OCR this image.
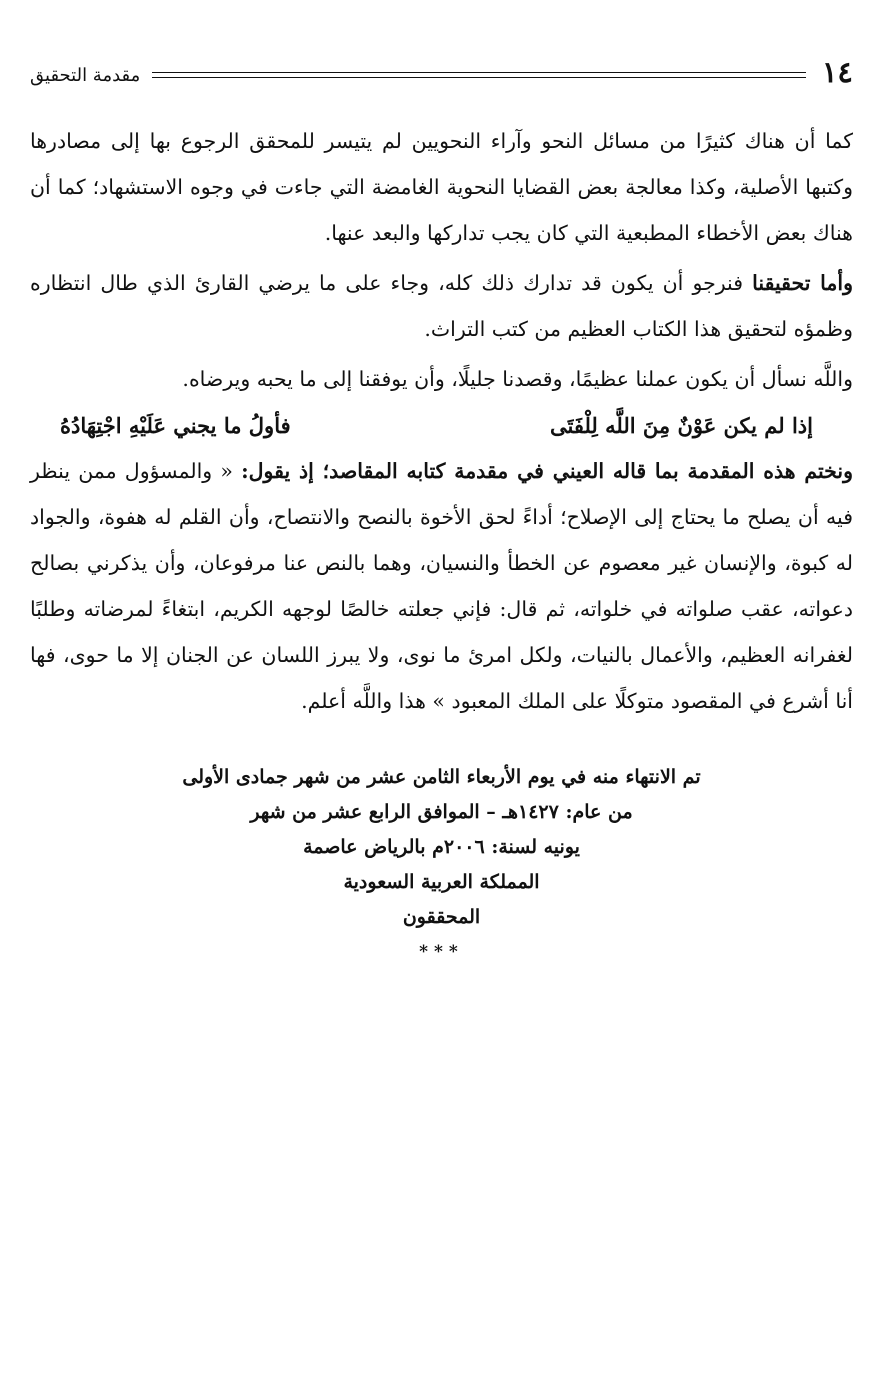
١٤
مقدمة التحقيق

كما أن هناك كثيرًا من مسائل النحو وآراء النحويين لم يتيسر للمحقق الرجوع بها إلى مصادرها وكتبها الأصلية، وكذا معالجة بعض القضايا النحوية الغامضة التي جاءت في وجوه الاستشهاد؛ كما أن هناك بعض الأخطاء المطبعية التي كان يجب تداركها والبعد عنها.

وأما تحقيقنا فنرجو أن يكون قد تدارك ذلك كله، وجاء على ما يرضي القارئ الذي طال انتظاره وظمؤه لتحقيق هذا الكتاب العظيم من كتب التراث.

واللَّه نسأل أن يكون عملنا عظيمًا، وقصدنا جليلًا، وأن يوفقنا إلى ما يحبه ويرضاه.

إذا لم يكن عَوْنٌ مِنَ اللَّه لِلْفَتَى
فأولُ ما يجني عَلَيْهِ اجْتِهَادُهُ

ونختم هذه المقدمة بما قاله العيني في مقدمة كتابه المقاصد؛ إذ يقول: « والمسؤول ممن ينظر فيه أن يصلح ما يحتاج إلى الإصلاح؛ أداءً لحق الأخوة بالنصح والانتصاح، وأن القلم له هفوة، والجواد له كبوة، والإنسان غير معصوم عن الخطأ والنسيان، وهما بالنص عنا مرفوعان، وأن يذكرني بصالح دعواته، عقب صلواته في خلواته، ثم قال: فإني جعلته خالصًا لوجهه الكريم، ابتغاءً لمرضاته وطلبًا لغفرانه العظيم، والأعمال بالنيات، ولكل امرئ ما نوى، ولا يبرز اللسان عن الجنان إلا ما حوى، فها أنا أشرع في المقصود متوكلًا على الملك المعبود » هذا واللَّه أعلم.

تم الانتهاء منه في يوم الأربعاء الثامن عشر من شهر جمادى الأولى
من عام: ١٤٢٧هـ – الموافق الرابع عشر من شهر
يونيه لسنة: ٢٠٠٦م بالرياض عاصمة
المملكة العربية السعودية
المحققون
***
